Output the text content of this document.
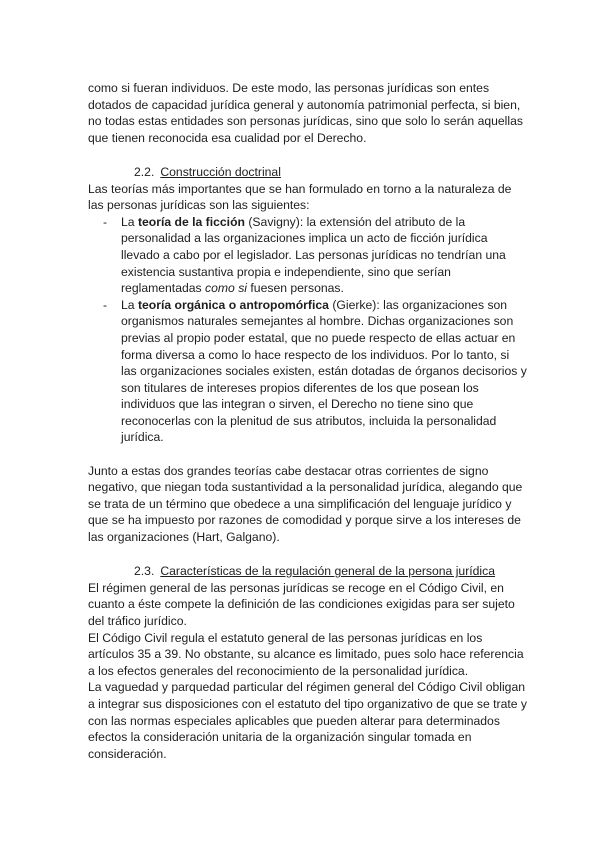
como si fueran individuos. De este modo, las personas jurídicas son entes dotados de capacidad jurídica general y autonomía patrimonial perfecta, si bien, no todas estas entidades son personas jurídicas, sino que solo lo serán aquellas que tienen reconocida esa cualidad por el Derecho.

2.2. Construcción doctrinal

Las teorías más importantes que se han formulado en torno a la naturaleza de las personas jurídicas son las siguientes:

- La teoría de la ficción (Savigny): la extensión del atributo de la personalidad a las organizaciones implica un acto de ficción jurídica llevado a cabo por el legislador. Las personas jurídicas no tendrían una existencia sustantiva propia e independiente, sino que serían reglamentadas como si fuesen personas.
- La teoría orgánica o antropomórfica (Gierke): las organizaciones son organismos naturales semejantes al hombre. Dichas organizaciones son previas al propio poder estatal, que no puede respecto de ellas actuar en forma diversa a como lo hace respecto de los individuos. Por lo tanto, si las organizaciones sociales existen, están dotadas de órganos decisorios y son titulares de intereses propios diferentes de los que posean los individuos que las integran o sirven, el Derecho no tiene sino que reconocerlas con la plenitud de sus atributos, incluida la personalidad jurídica.

Junto a estas dos grandes teorías cabe destacar otras corrientes de signo negativo, que niegan toda sustantividad a la personalidad jurídica, alegando que se trata de un término que obedece a una simplificación del lenguaje jurídico y que se ha impuesto por razones de comodidad y porque sirve a los intereses de las organizaciones (Hart, Galgano).

2.3. Características de la regulación general de la persona jurídica

El régimen general de las personas jurídicas se recoge en el Código Civil, en cuanto a éste compete la definición de las condiciones exigidas para ser sujeto del tráfico jurídico.

El Código Civil regula el estatuto general de las personas jurídicas en los artículos 35 a 39. No obstante, su alcance es limitado, pues solo hace referencia a los efectos generales del reconocimiento de la personalidad jurídica.

La vaguedad y parquedad particular del régimen general del Código Civil obligan a integrar sus disposiciones con el estatuto del tipo organizativo de que se trate y con las normas especiales aplicables que pueden alterar para determinados efectos la consideración unitaria de la organización singular tomada en consideración.
